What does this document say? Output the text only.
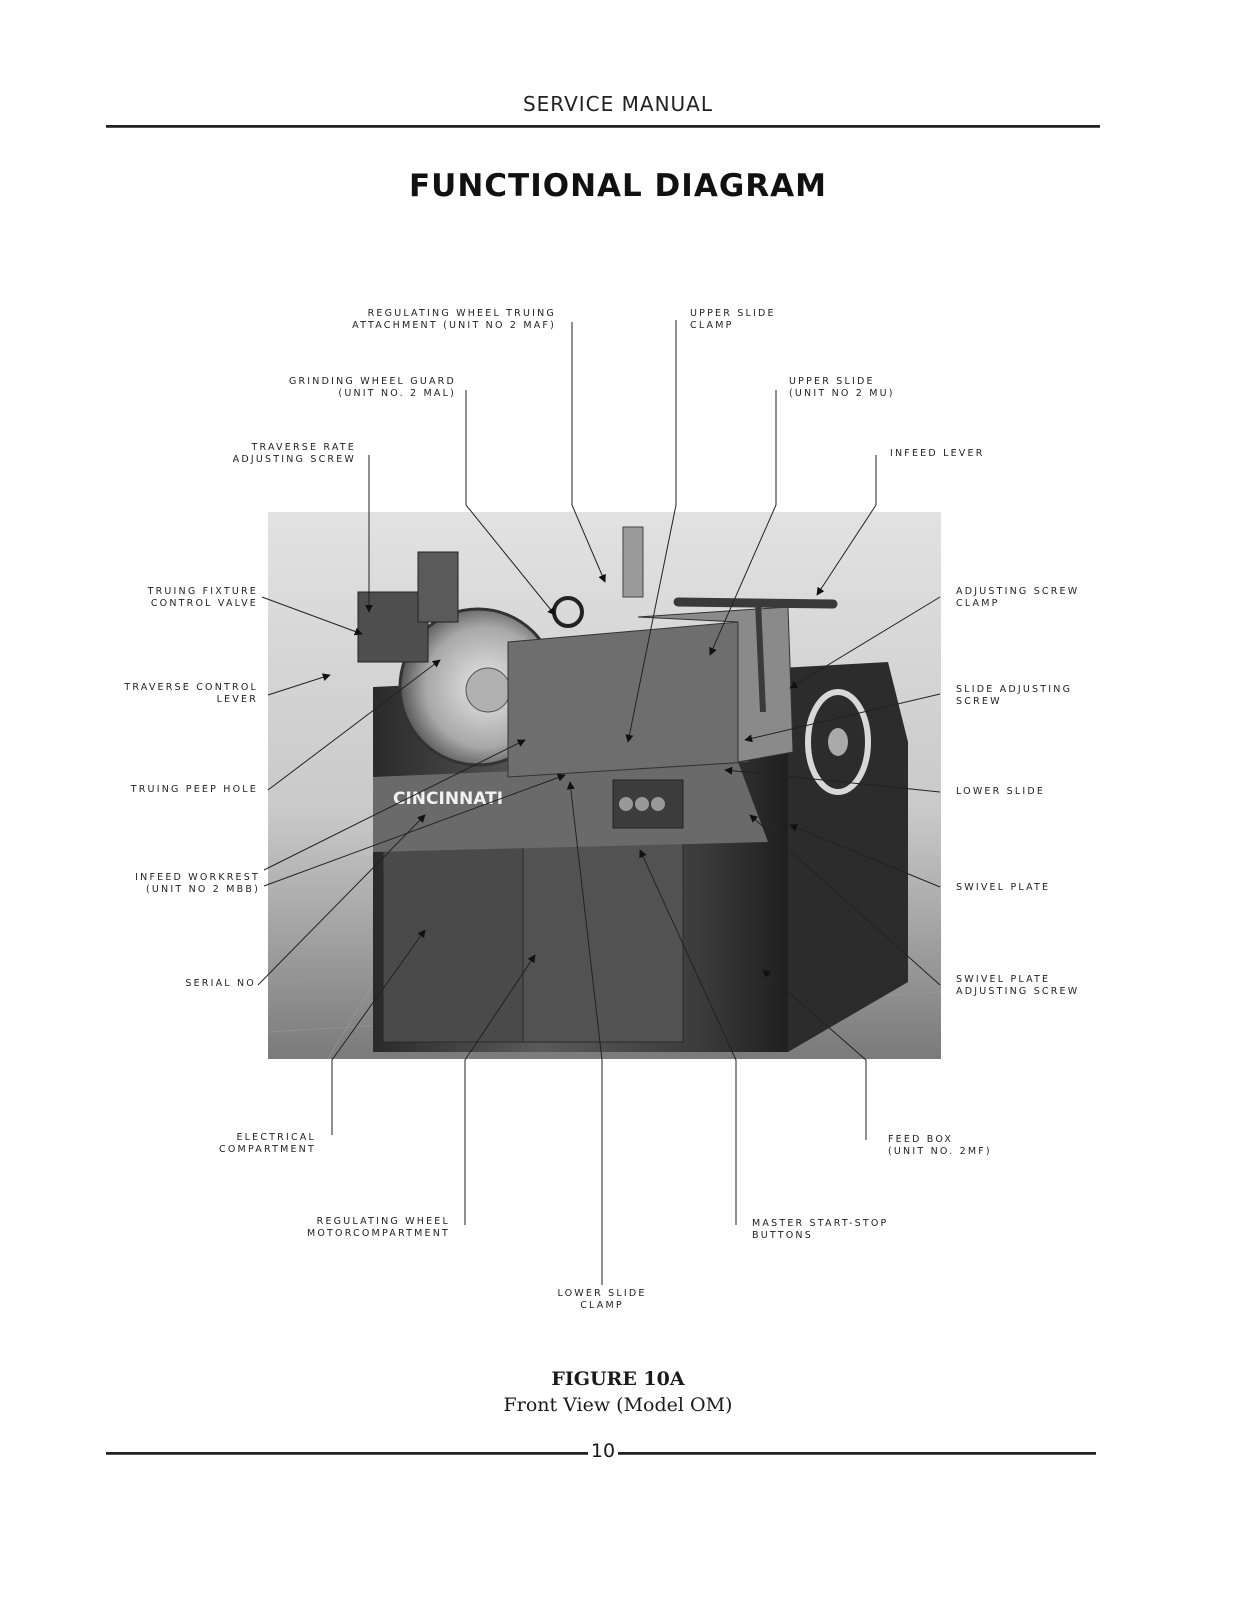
SERVICE MANUAL
FUNCTIONAL DIAGRAM
CINCINNATI
REGULATING WHEEL TRUING
ATTACHMENT (UNIT NO 2 MAF)
UPPER SLIDE
CLAMP
GRINDING WHEEL GUARD
(UNIT NO. 2 MAL)
UPPER SLIDE
(UNIT NO 2 MU)
TRAVERSE RATE
ADJUSTING SCREW
INFEED LEVER
TRUING FIXTURE
CONTROL VALVE
ADJUSTING SCREW
CLAMP
TRAVERSE CONTROL
LEVER
SLIDE ADJUSTING
SCREW
TRUING PEEP HOLE	LOWER SLIDE
INFEED WORKREST
(UNIT NO 2 MBB)	SWIVEL PLATE
SERIAL NO	SWIVEL PLATE
ADJUSTING SCREW
ELECTRICAL
COMPARTMENT
FEED BOX
(UNIT NO. 2MF)
REGULATING WHEEL
MOTORCOMPARTMENT
MASTER START-STOP
BUTTONS
LOWER SLIDE
CLAMP
FIGURE 10A
Front View (Model OM)
10
